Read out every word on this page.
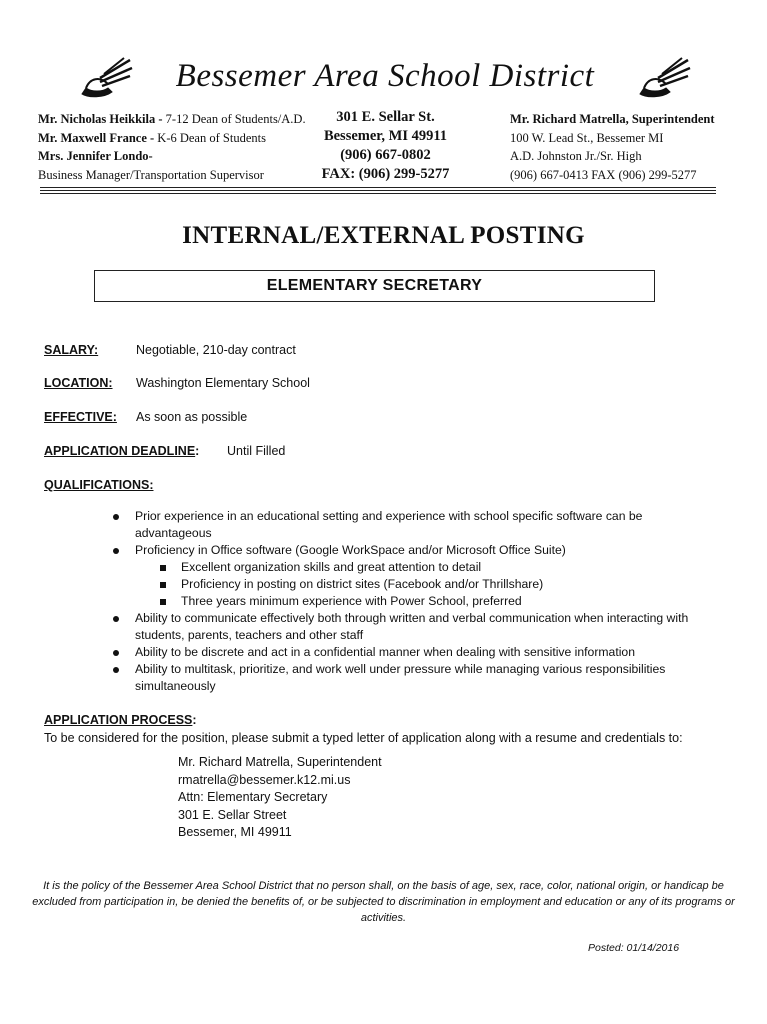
Bessemer Area School District
Mr. Nicholas Heikkila - 7-12 Dean of Students/A.D.
Mr. Maxwell France - K-6 Dean of Students
Mrs. Jennifer Londo-
Business Manager/Transportation Supervisor
301 E. Sellar St.
Bessemer, MI 49911
(906) 667-0802
FAX: (906) 299-5277
Mr. Richard Matrella, Superintendent
100 W. Lead St., Bessemer MI
A.D. Johnston Jr./Sr. High
(906) 667-0413 FAX (906) 299-5277
INTERNAL/EXTERNAL POSTING
ELEMENTARY SECRETARY
SALARY:	Negotiable, 210-day contract
LOCATION: Washington Elementary School
EFFECTIVE: As soon as possible
APPLICATION DEADLINE: Until Filled
QUALIFICATIONS:
Prior experience in an educational setting and experience with school specific software can be advantageous
Proficiency in Office software (Google WorkSpace and/or Microsoft Office Suite)
Excellent organization skills and great attention to detail
Proficiency in posting on district sites (Facebook and/or Thrillshare)
Three years minimum experience with Power School, preferred
Ability to communicate effectively both through written and verbal communication when interacting with students, parents, teachers and other staff
Ability to be discrete and act in a confidential manner when dealing with sensitive information
Ability to multitask, prioritize, and work well under pressure while managing various responsibilities simultaneously
APPLICATION PROCESS:
To be considered for the position, please submit a typed letter of application along with a resume and credentials to:
Mr. Richard Matrella, Superintendent
rmatrella@bessemer.k12.mi.us
Attn: Elementary Secretary
301 E. Sellar Street
Bessemer, MI 49911
It is the policy of the Bessemer Area School District that no person shall, on the basis of age, sex, race, color, national origin, or handicap be excluded from participation in, be denied the benefits of, or be subjected to discrimination in employment and education or any of its programs or activities.
Posted: 01/14/2016
